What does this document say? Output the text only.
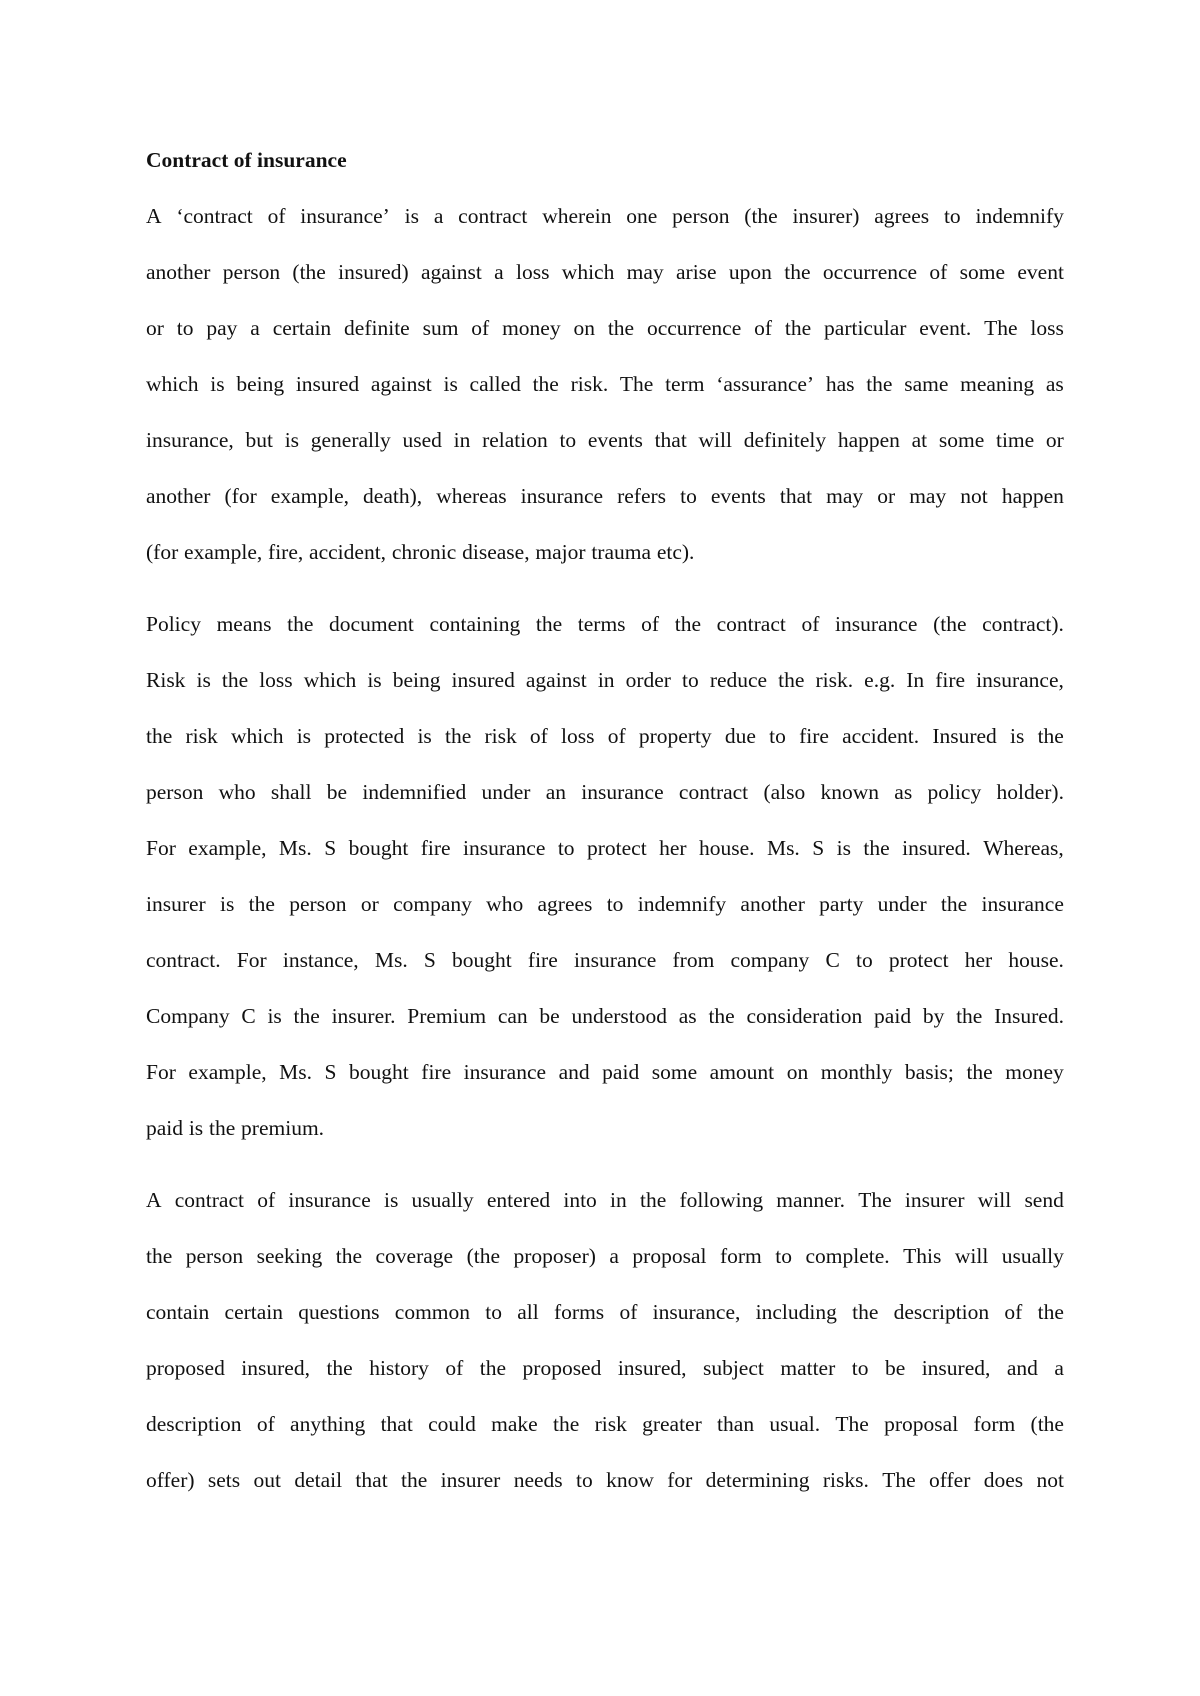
Contract of insurance
A ‘contract of insurance’ is a contract wherein one person (the insurer) agrees to indemnify
another person (the insured) against a loss which may arise upon the occurrence of some event
or to pay a certain definite sum of money on the occurrence of the particular event. The loss
which is being insured against is called the risk. The term ‘assurance’ has the same meaning as
insurance, but is generally used in relation to events that will definitely happen at some time or
another (for example, death), whereas insurance refers to events that may or may not happen
(for example, fire, accident, chronic disease, major trauma etc).
Policy means the document containing the terms of the contract of insurance (the contract).
Risk is the loss which is being insured against in order to reduce the risk. e.g. In fire insurance,
the risk which is protected is the risk of loss of property due to fire accident. Insured is the
person who shall be indemnified under an insurance contract (also known as policy holder).
For example, Ms. S bought fire insurance to protect her house. Ms. S is the insured. Whereas,
insurer is the person or company who agrees to indemnify another party under the insurance
contract. For instance, Ms. S bought fire insurance from company C to protect her house.
Company C is the insurer. Premium can be understood as the consideration paid by the Insured.
For example, Ms. S bought fire insurance and paid some amount on monthly basis; the money
paid is the premium.
A contract of insurance is usually entered into in the following manner. The insurer will send
the person seeking the coverage (the proposer) a proposal form to complete. This will usually
contain certain questions common to all forms of insurance, including the description of the
proposed insured, the history of the proposed insured, subject matter to be insured, and a
description of anything that could make the risk greater than usual. The proposal form (the
offer) sets out detail that the insurer needs to know for determining risks. The offer does not
